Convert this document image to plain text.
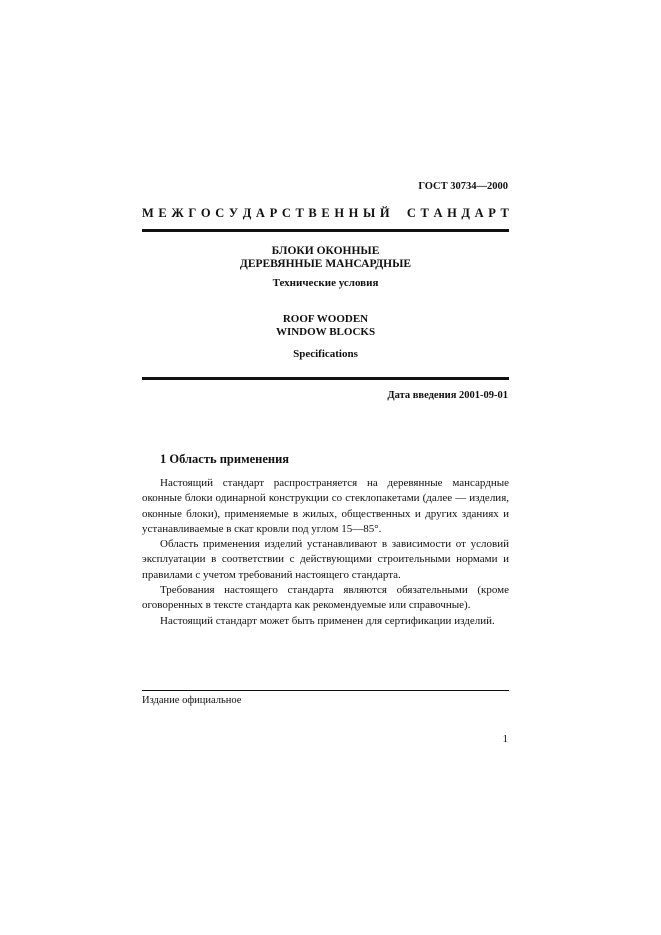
ГОСТ 30734—2000
М Е Ж Г О С У Д А Р С Т В Е Н Н Ы Й
С Т А Н Д А Р Т
БЛОКИ ОКОННЫЕ
ДЕРЕВЯННЫЕ МАНСАРДНЫЕ
Технические условия
ROOF WOODEN
WINDOW BLOCKS
Specifications
Дата введения 2001-09-01
1 Область применения

Настоящий стандарт распространяется на деревянные мансардные оконные блоки одинарной конструкции со стеклопакетами (далее — изделия, оконные блоки), применяемые в жилых, общественных и других зданиях и устанавливаемые в скат кровли под углом 15—85°.

Область применения изделий устанавливают в зависимости от условий эксплуатации в соответствии с действующими строительными нормами и правилами с учетом требований настоящего стандарта.

Требования настоящего стандарта являются обязательными (кроме оговоренных в тексте стандарта как рекомендуемые или справочные).

Настоящий стандарт может быть применен для сертификации изделий.

Издание официальное
1
